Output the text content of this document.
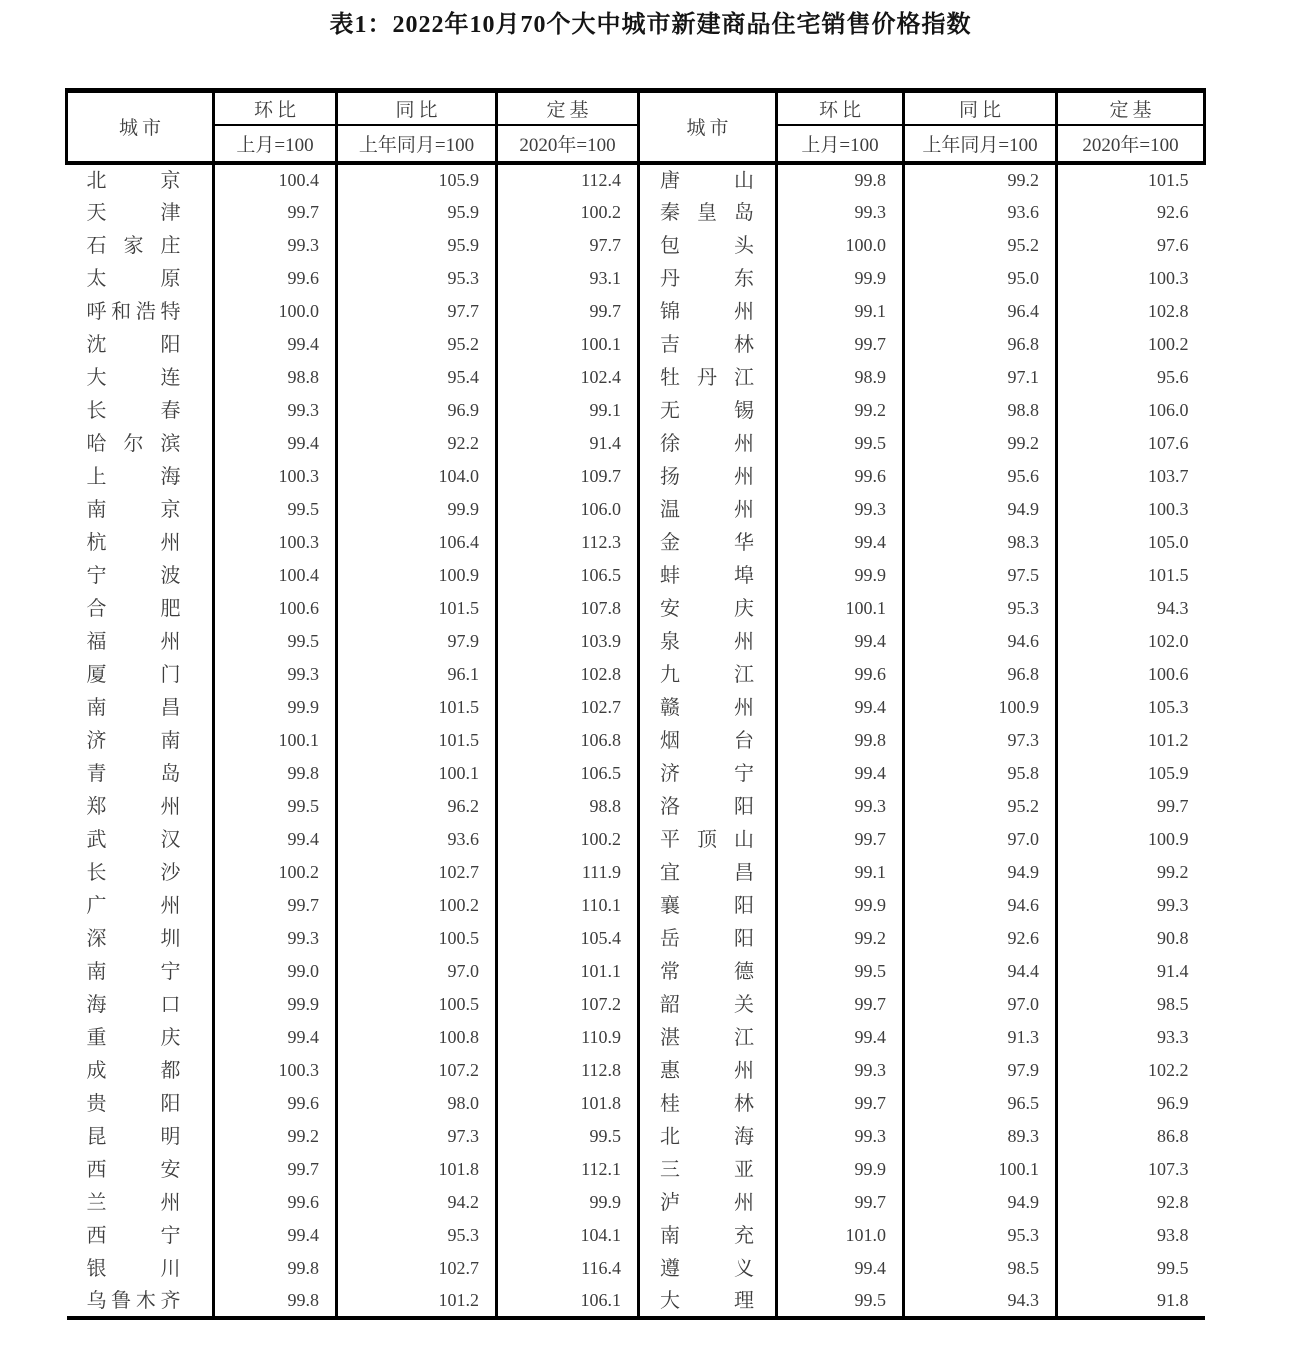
表1：2022年10月70个大中城市新建商品住宅销售价格指数
城市	环比	同比	定基	城市	环比	同比	定基
	上月=100	上年同月=100	2020年=100		上月=100	上年同月=100	2020年=100
北京	100.4	105.9	112.4	唐山	99.8	99.2	101.5
天津	99.7	95.9	100.2	秦皇岛	99.3	93.6	92.6
石家庄	99.3	95.9	97.7	包头	100.0	95.2	97.6
太原	99.6	95.3	93.1	丹东	99.9	95.0	100.3
呼和浩特	100.0	97.7	99.7	锦州	99.1	96.4	102.8
沈阳	99.4	95.2	100.1	吉林	99.7	96.8	100.2
大连	98.8	95.4	102.4	牡丹江	98.9	97.1	95.6
长春	99.3	96.9	99.1	无锡	99.2	98.8	106.0
哈尔滨	99.4	92.2	91.4	徐州	99.5	99.2	107.6
上海	100.3	104.0	109.7	扬州	99.6	95.6	103.7
南京	99.5	99.9	106.0	温州	99.3	94.9	100.3
杭州	100.3	106.4	112.3	金华	99.4	98.3	105.0
宁波	100.4	100.9	106.5	蚌埠	99.9	97.5	101.5
合肥	100.6	101.5	107.8	安庆	100.1	95.3	94.3
福州	99.5	97.9	103.9	泉州	99.4	94.6	102.0
厦门	99.3	96.1	102.8	九江	99.6	96.8	100.6
南昌	99.9	101.5	102.7	赣州	99.4	100.9	105.3
济南	100.1	101.5	106.8	烟台	99.8	97.3	101.2
青岛	99.8	100.1	106.5	济宁	99.4	95.8	105.9
郑州	99.5	96.2	98.8	洛阳	99.3	95.2	99.7
武汉	99.4	93.6	100.2	平顶山	99.7	97.0	100.9
长沙	100.2	102.7	111.9	宜昌	99.1	94.9	99.2
广州	99.7	100.2	110.1	襄阳	99.9	94.6	99.3
深圳	99.3	100.5	105.4	岳阳	99.2	92.6	90.8
南宁	99.0	97.0	101.1	常德	99.5	94.4	91.4
海口	99.9	100.5	107.2	韶关	99.7	97.0	98.5
重庆	99.4	100.8	110.9	湛江	99.4	91.3	93.3
成都	100.3	107.2	112.8	惠州	99.3	97.9	102.2
贵阳	99.6	98.0	101.8	桂林	99.7	96.5	96.9
昆明	99.2	97.3	99.5	北海	99.3	89.3	86.8
西安	99.7	101.8	112.1	三亚	99.9	100.1	107.3
兰州	99.6	94.2	99.9	泸州	99.7	94.9	92.8
西宁	99.4	95.3	104.1	南充	101.0	95.3	93.8
银川	99.8	102.7	116.4	遵义	99.4	98.5	99.5
乌鲁木齐	99.8	101.2	106.1	大理	99.5	94.3	91.8
